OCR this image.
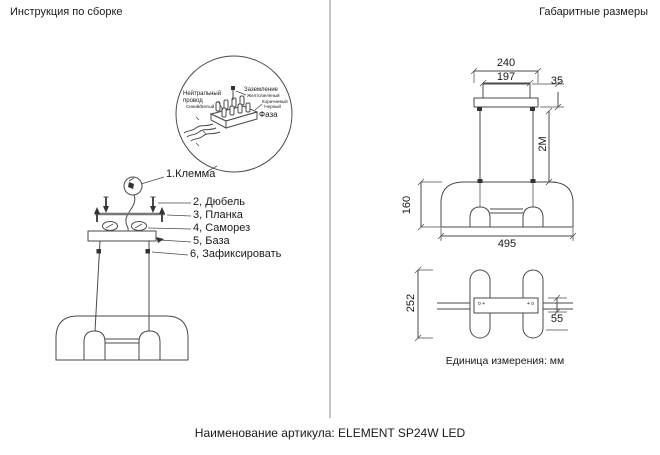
Инструкция по сборке	Габаритные размеры
Нейтральный
провод
Синий/Белый
Заземление
Желто/зеленый
Коричневый
/черный
Фаза
1.Клемма
2, Дюбель
3, Планка
4, Саморез
5, База
6, Зафиксировать
240
197	35
2M
160
495
252
55
o +	+ o
Единица измерения: мм
Наименование артикула: ELEMENT SP24W LED
